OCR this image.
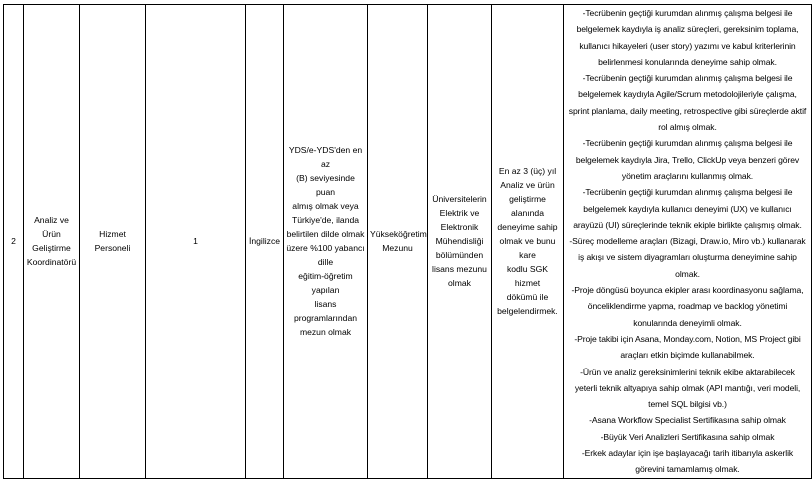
2	Analiz ve Ürün
Geliştirme
Koordinatörü	Hizmet
Personeli	1	İngilizce	YDS/e-YDS'den en az
(B) seviyesinde puan
almış olmak veya
Türkiye'de, ilanda
belirtilen dilde olmak
üzere %100 yabancı dille
eğitim-öğretim yapılan
lisans programlarından
mezun olmak	Yükseköğretim
Mezunu	Üniversitelerin
Elektrik ve
Elektronik
Mühendisliği
bölümünden
lisans mezunu
olmak	En az 3 (üç) yıl
Analiz ve ürün
geliştirme alanında
deneyime sahip
olmak ve bunu kare
kodlu SGK hizmet
dökümü ile
belgelendirmek.	
-Tecrübenin geçtiği kurumdan alınmış çalışma belgesi ile
belgelemek kaydıyla iş analiz süreçleri, gereksinim toplama,
kullanıcı hikayeleri (user story) yazımı ve kabul kriterlerinin
belirlenmesi konularında deneyime sahip olmak.
-Tecrübenin geçtiği kurumdan alınmış çalışma belgesi ile
belgelemek kaydıyla Agile/Scrum metodolojileriyle çalışma,
sprint planlama, daily meeting, retrospective gibi süreçlerde aktif
rol almış olmak.
-Tecrübenin geçtiği kurumdan alınmış çalışma belgesi ile
belgelemek kaydıyla Jira, Trello, ClickUp veya benzeri görev
yönetim araçlarını kullanmış olmak.
-Tecrübenin geçtiği kurumdan alınmış çalışma belgesi ile
belgelemek kaydıyla kullanıcı deneyimi (UX) ve kullanıcı
arayüzü (UI) süreçlerinde teknik ekiple birlikte çalışmış olmak.
-Süreç modelleme araçları (Bizagi, Draw.io, Miro vb.) kullanarak
iş akışı ve sistem diyagramları oluşturma deneyimine sahip
olmak.
-Proje döngüsü boyunca ekipler arası koordinasyonu sağlama,
önceliklendirme yapma, roadmap ve backlog yönetimi
konularında deneyimli olmak.
-Proje takibi için Asana, Monday.com, Notion, MS Project gibi
araçları etkin biçimde kullanabilmek.
-Ürün ve analiz gereksinimlerini teknik ekibe aktarabilecek
yeterli teknik altyapıya sahip olmak (API mantığı, veri modeli,
temel SQL bilgisi vb.)
-Asana Workflow Specialist Sertifikasına sahip olmak
-Büyük Veri Analizleri Sertifikasına sahip olmak
-Erkek adaylar için işe başlayacağı tarih itibarıyla askerlik
görevini tamamlamış olmak.
